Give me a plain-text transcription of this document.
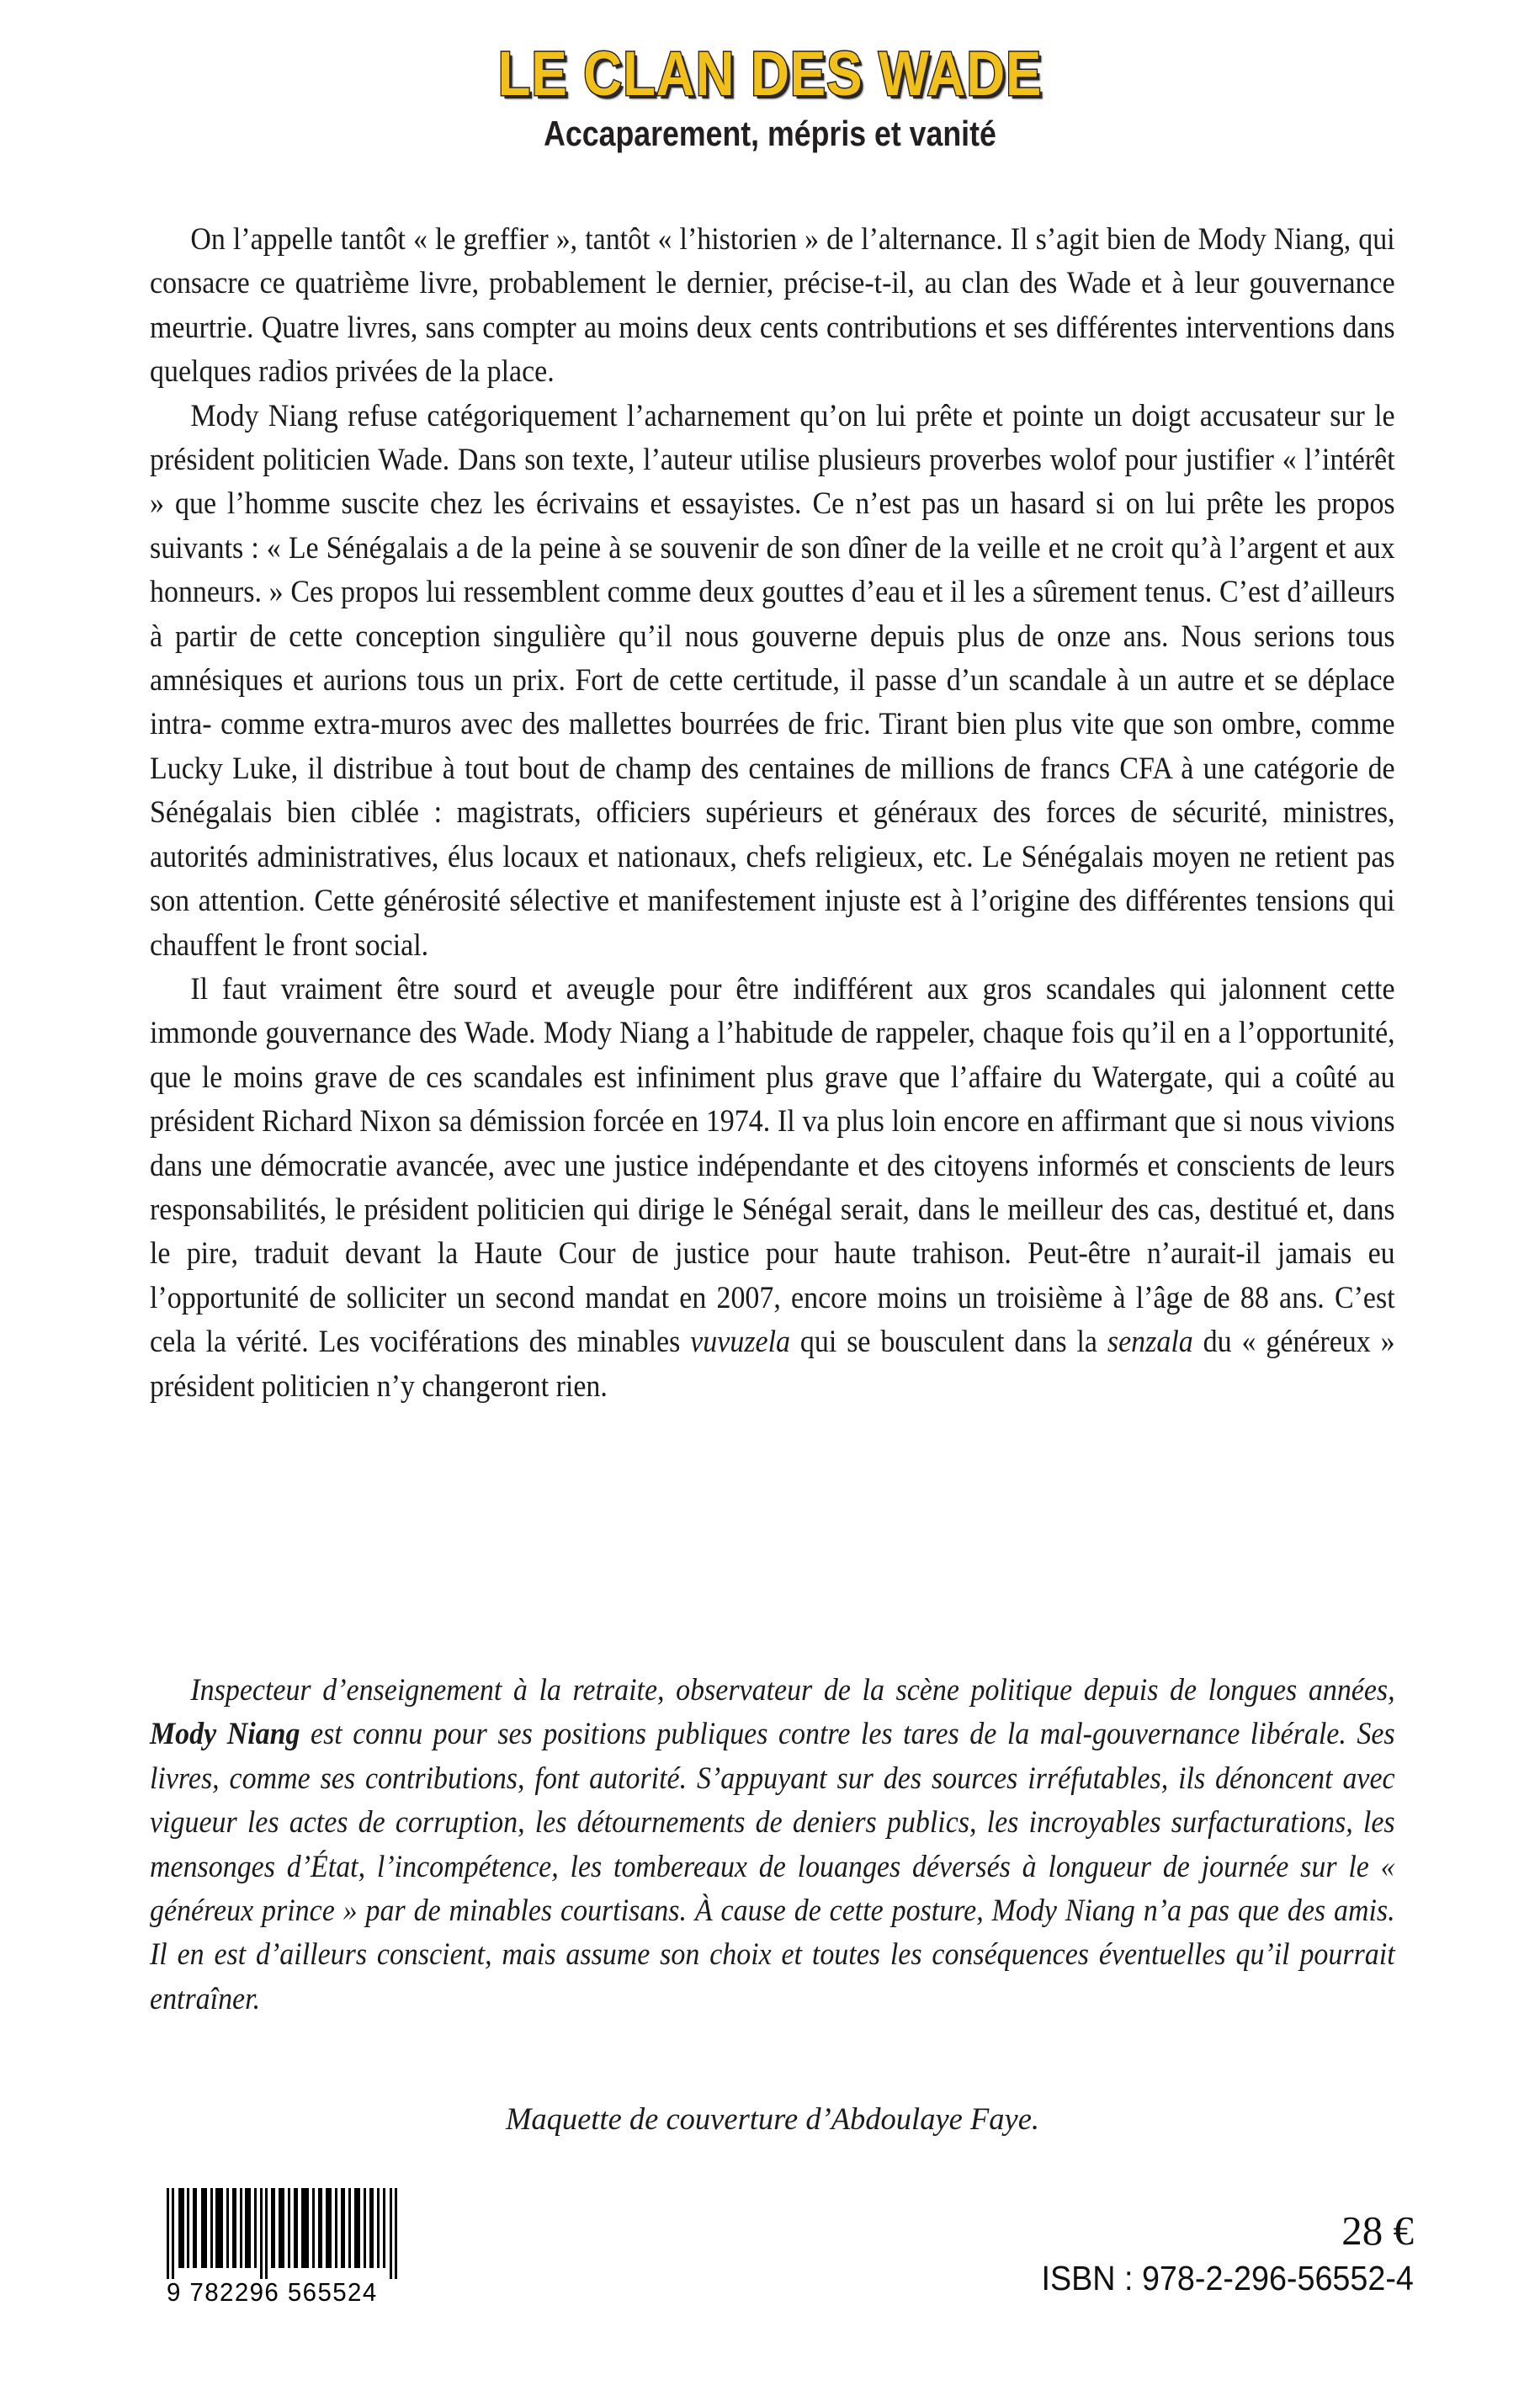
LE CLAN DES WADE
Accaparement, mépris et vanité

On l’appelle tantôt « le greffier », tantôt « l’historien » de l’alternance. Il s’agit bien de Mody Niang, qui consacre ce quatrième livre, probablement le dernier, précise-t-il, au clan des Wade et à leur gouvernance meurtrie. Quatre livres, sans compter au moins deux cents contributions et ses différentes interventions dans quelques radios privées de la place.

Mody Niang refuse catégoriquement l’acharnement qu’on lui prête et pointe un doigt accusateur sur le président politicien Wade. Dans son texte, l’auteur utilise plusieurs proverbes wolof pour justifier « l’intérêt » que l’homme suscite chez les écrivains et essayistes. Ce n’est pas un hasard si on lui prête les propos suivants : « Le Sénégalais a de la peine à se souvenir de son dîner de la veille et ne croit qu’à l’argent et aux honneurs. » Ces propos lui ressemblent comme deux gouttes d’eau et il les a sûrement tenus. C’est d’ailleurs à partir de cette conception singulière qu’il nous gouverne depuis plus de onze ans. Nous serions tous amnésiques et aurions tous un prix. Fort de cette certitude, il passe d’un scandale à un autre et se déplace intra- comme extra-muros avec des mallettes bourrées de fric. Tirant bien plus vite que son ombre, comme Lucky Luke, il distribue à tout bout de champ des centaines de millions de francs CFA à une catégorie de Sénégalais bien ciblée : magistrats, officiers supérieurs et généraux des forces de sécurité, ministres, autorités administratives, élus locaux et nationaux, chefs religieux, etc. Le Sénégalais moyen ne retient pas son attention. Cette générosité sélective et manifestement injuste est à l’origine des différentes tensions qui chauffent le front social.

Il faut vraiment être sourd et aveugle pour être indifférent aux gros scandales qui jalonnent cette immonde gouvernance des Wade. Mody Niang a l’habitude de rappeler, chaque fois qu’il en a l’opportunité, que le moins grave de ces scandales est infiniment plus grave que l’affaire du Watergate, qui a coûté au président Richard Nixon sa démission forcée en 1974. Il va plus loin encore en affirmant que si nous vivions dans une démocratie avancée, avec une justice indépendante et des citoyens informés et conscients de leurs responsabilités, le président politicien qui dirige le Sénégal serait, dans le meilleur des cas, destitué et, dans le pire, traduit devant la Haute Cour de justice pour haute trahison. Peut-être n’aurait-il jamais eu l’opportunité de solliciter un second mandat en 2007, encore moins un troisième à l’âge de 88 ans. C’est cela la vérité. Les vociférations des minables vuvuzela qui se bousculent dans la senzala du « généreux » président politicien n’y changeront rien.

Inspecteur d’enseignement à la retraite, observateur de la scène politique depuis de longues années, Mody Niang est connu pour ses positions publiques contre les tares de la mal-gouvernance libérale. Ses livres, comme ses contributions, font autorité. S’appuyant sur des sources irréfutables, ils dénoncent avec vigueur les actes de corruption, les détournements de deniers publics, les incroyables surfacturations, les mensonges d’État, l’incompétence, les tombereaux de louanges déversés à longueur de journée sur le « généreux prince » par de minables courtisans. À cause de cette posture, Mody Niang n’a pas que des amis. Il en est d’ailleurs conscient, mais assume son choix et toutes les conséquences éventuelles qu’il pourrait entraîner.

Maquette de couverture d’Abdoulaye Faye.
9 782296 565524

28 €

ISBN : 978-2-296-56552-4
